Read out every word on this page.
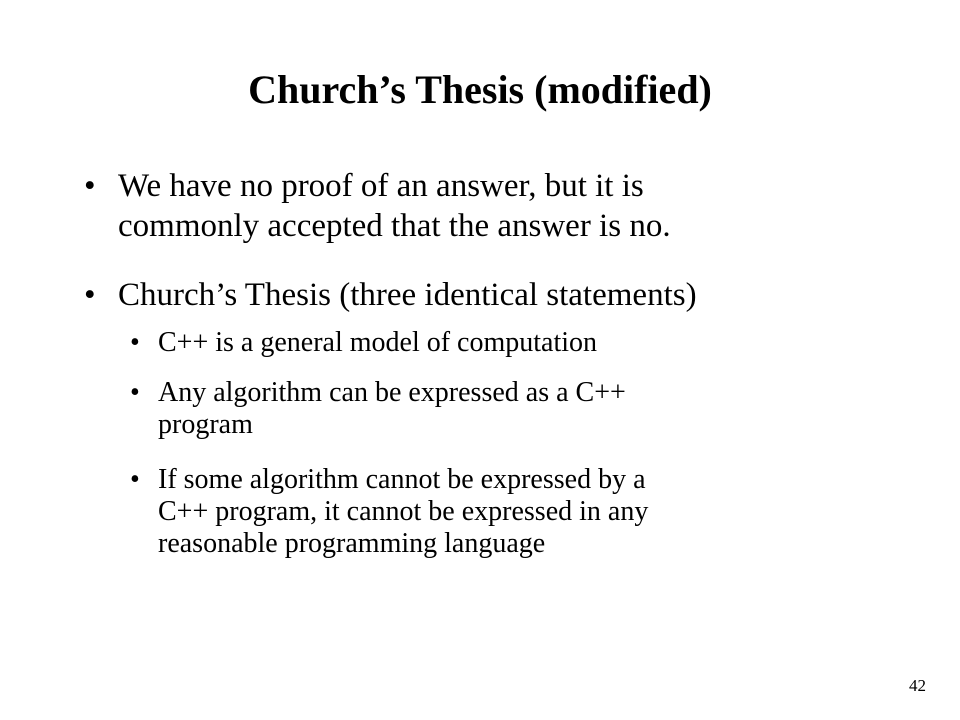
Church’s Thesis (modified)
• We have no proof of an answer, but it is
commonly accepted that the answer is no.
• Church’s Thesis (three identical statements)
• C++ is a general model of computation
• Any algorithm can be expressed as a C++
program
• If some algorithm cannot be expressed by a
C++ program, it cannot be expressed in any
reasonable programming language
42
